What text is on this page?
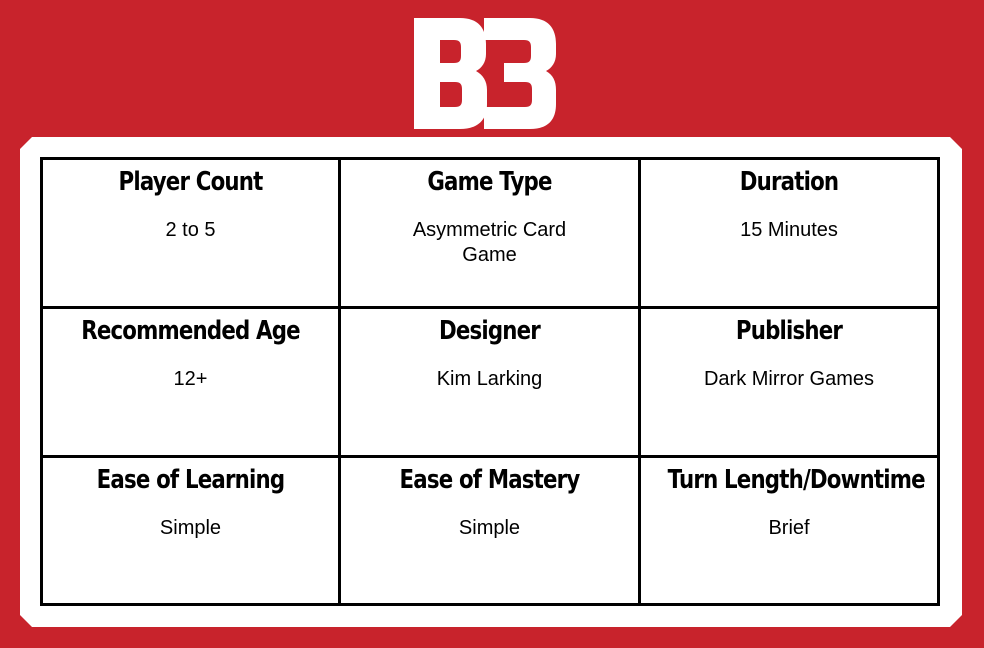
Player Count
2 to 5
Game Type
Asymmetric Card Game
Duration
15 Minutes
Recommended Age
12+
Designer
Kim Larking
Publisher
Dark Mirror Games
Ease of Learning
Simple
Ease of Mastery
Simple
Turn Length/Downtime
Brief
